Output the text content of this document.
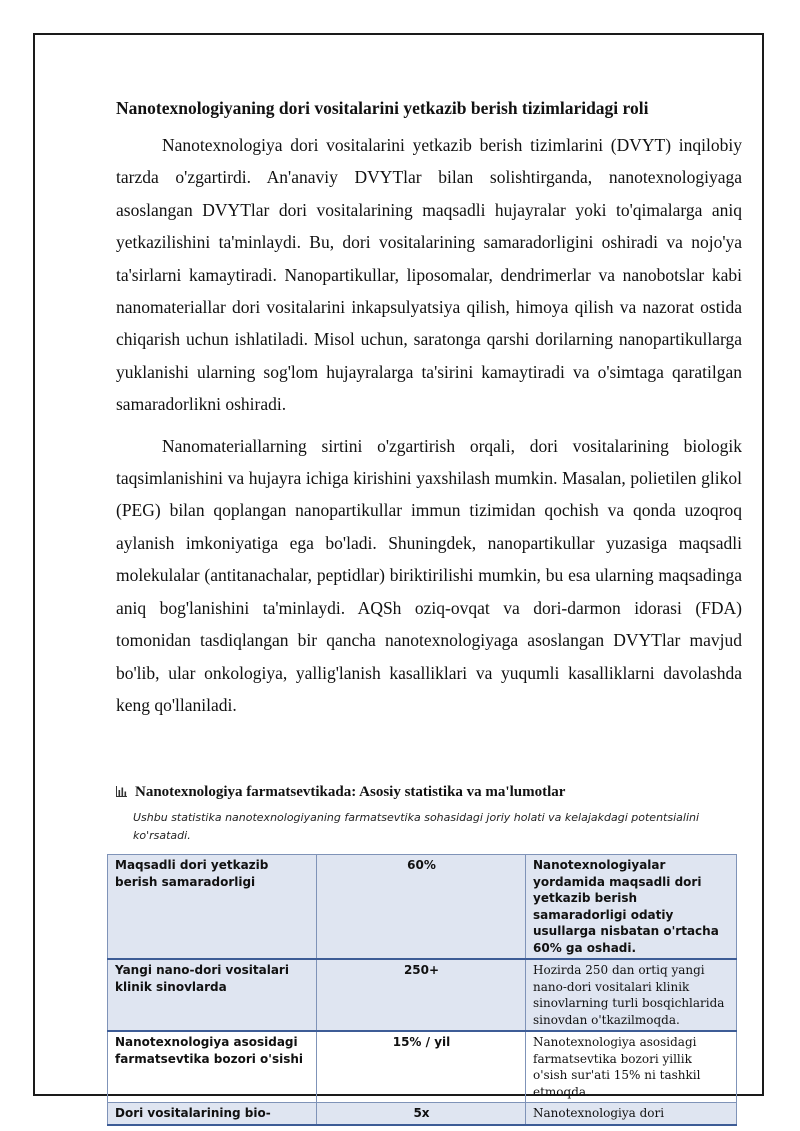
Nanotexnologiyaning dori vositalarini yetkazib berish tizimlaridagi roli

Nanotexnologiya dori vositalarini yetkazib berish tizimlarini (DVYT) inqilobiy tarzda o'zgartirdi. An'anaviy DVYTlar bilan solishtirganda, nanotexnologiyaga asoslangan DVYTlar dori vositalarining maqsadli hujayralar yoki to'qimalarga aniq yetkazilishini ta'minlaydi. Bu, dori vositalarining samaradorligini oshiradi va nojo'ya ta'sirlarni kamaytiradi. Nanopartikullar, liposomalar, dendrimerlar va nanobotslar kabi nanomateriallar dori vositalarini inkapsulyatsiya qilish, himoya qilish va nazorat ostida chiqarish uchun ishlatiladi. Misol uchun, saratonga qarshi dorilarning nanopartikullarga yuklanishi ularning sog'lom hujayralarga ta'sirini kamaytiradi va o'simtaga qaratilgan samaradorlikni oshiradi.

Nanomateriallarning sirtini o'zgartirish orqali, dori vositalarining biologik taqsimlanishini va hujayra ichiga kirishini yaxshilash mumkin. Masalan, polietilen glikol (PEG) bilan qoplangan nanopartikullar immun tizimidan qochish va qonda uzoqroq aylanish imkoniyatiga ega bo'ladi. Shuningdek, nanopartikullar yuzasiga maqsadli molekulalar (antitanachalar, peptidlar) biriktirilishi mumkin, bu esa ularning maqsadinga aniq bog'lanishini ta'minlaydi. AQSh oziq-ovqat va dori-darmon idorasi (FDA) tomonidan tasdiqlangan bir qancha nanotexnologiyaga asoslangan DVYTlar mavjud bo'lib, ular onkologiya, yallig'lanish kasalliklari va yuqumli kasalliklarni davolashda keng qo'llaniladi.

Nanotexnologiya farmatsevtikada: Asosiy statistika va ma'lumotlar
Ushbu statistika nanotexnologiyaning farmatsevtika sohasidagi joriy holati va kelajakdagi potentsialini ko'rsatadi.
Maqsadli dori yetkazib berish samaradorligi	60%	Nanotexnologiyalar yordamida maqsadli dori yetkazib berish samaradorligi odatiy usullarga nisbatan o'rtacha 60% ga oshadi.
Yangi nano-dori vositalari klinik sinovlarda	250+	Hozirda 250 dan ortiq yangi nano-dori vositalari klinik sinovlarning turli bosqichlarida sinovdan o'tkazilmoqda.
Nanotexnologiya asosidagi farmatsevtika bozori o'sishi	15% / yil	Nanotexnologiya asosidagi farmatsevtika bozori yillik o'sish sur'ati 15% ni tashkil etmoqda.
Dori vositalarining bio-	5x	Nanotexnologiya dori
